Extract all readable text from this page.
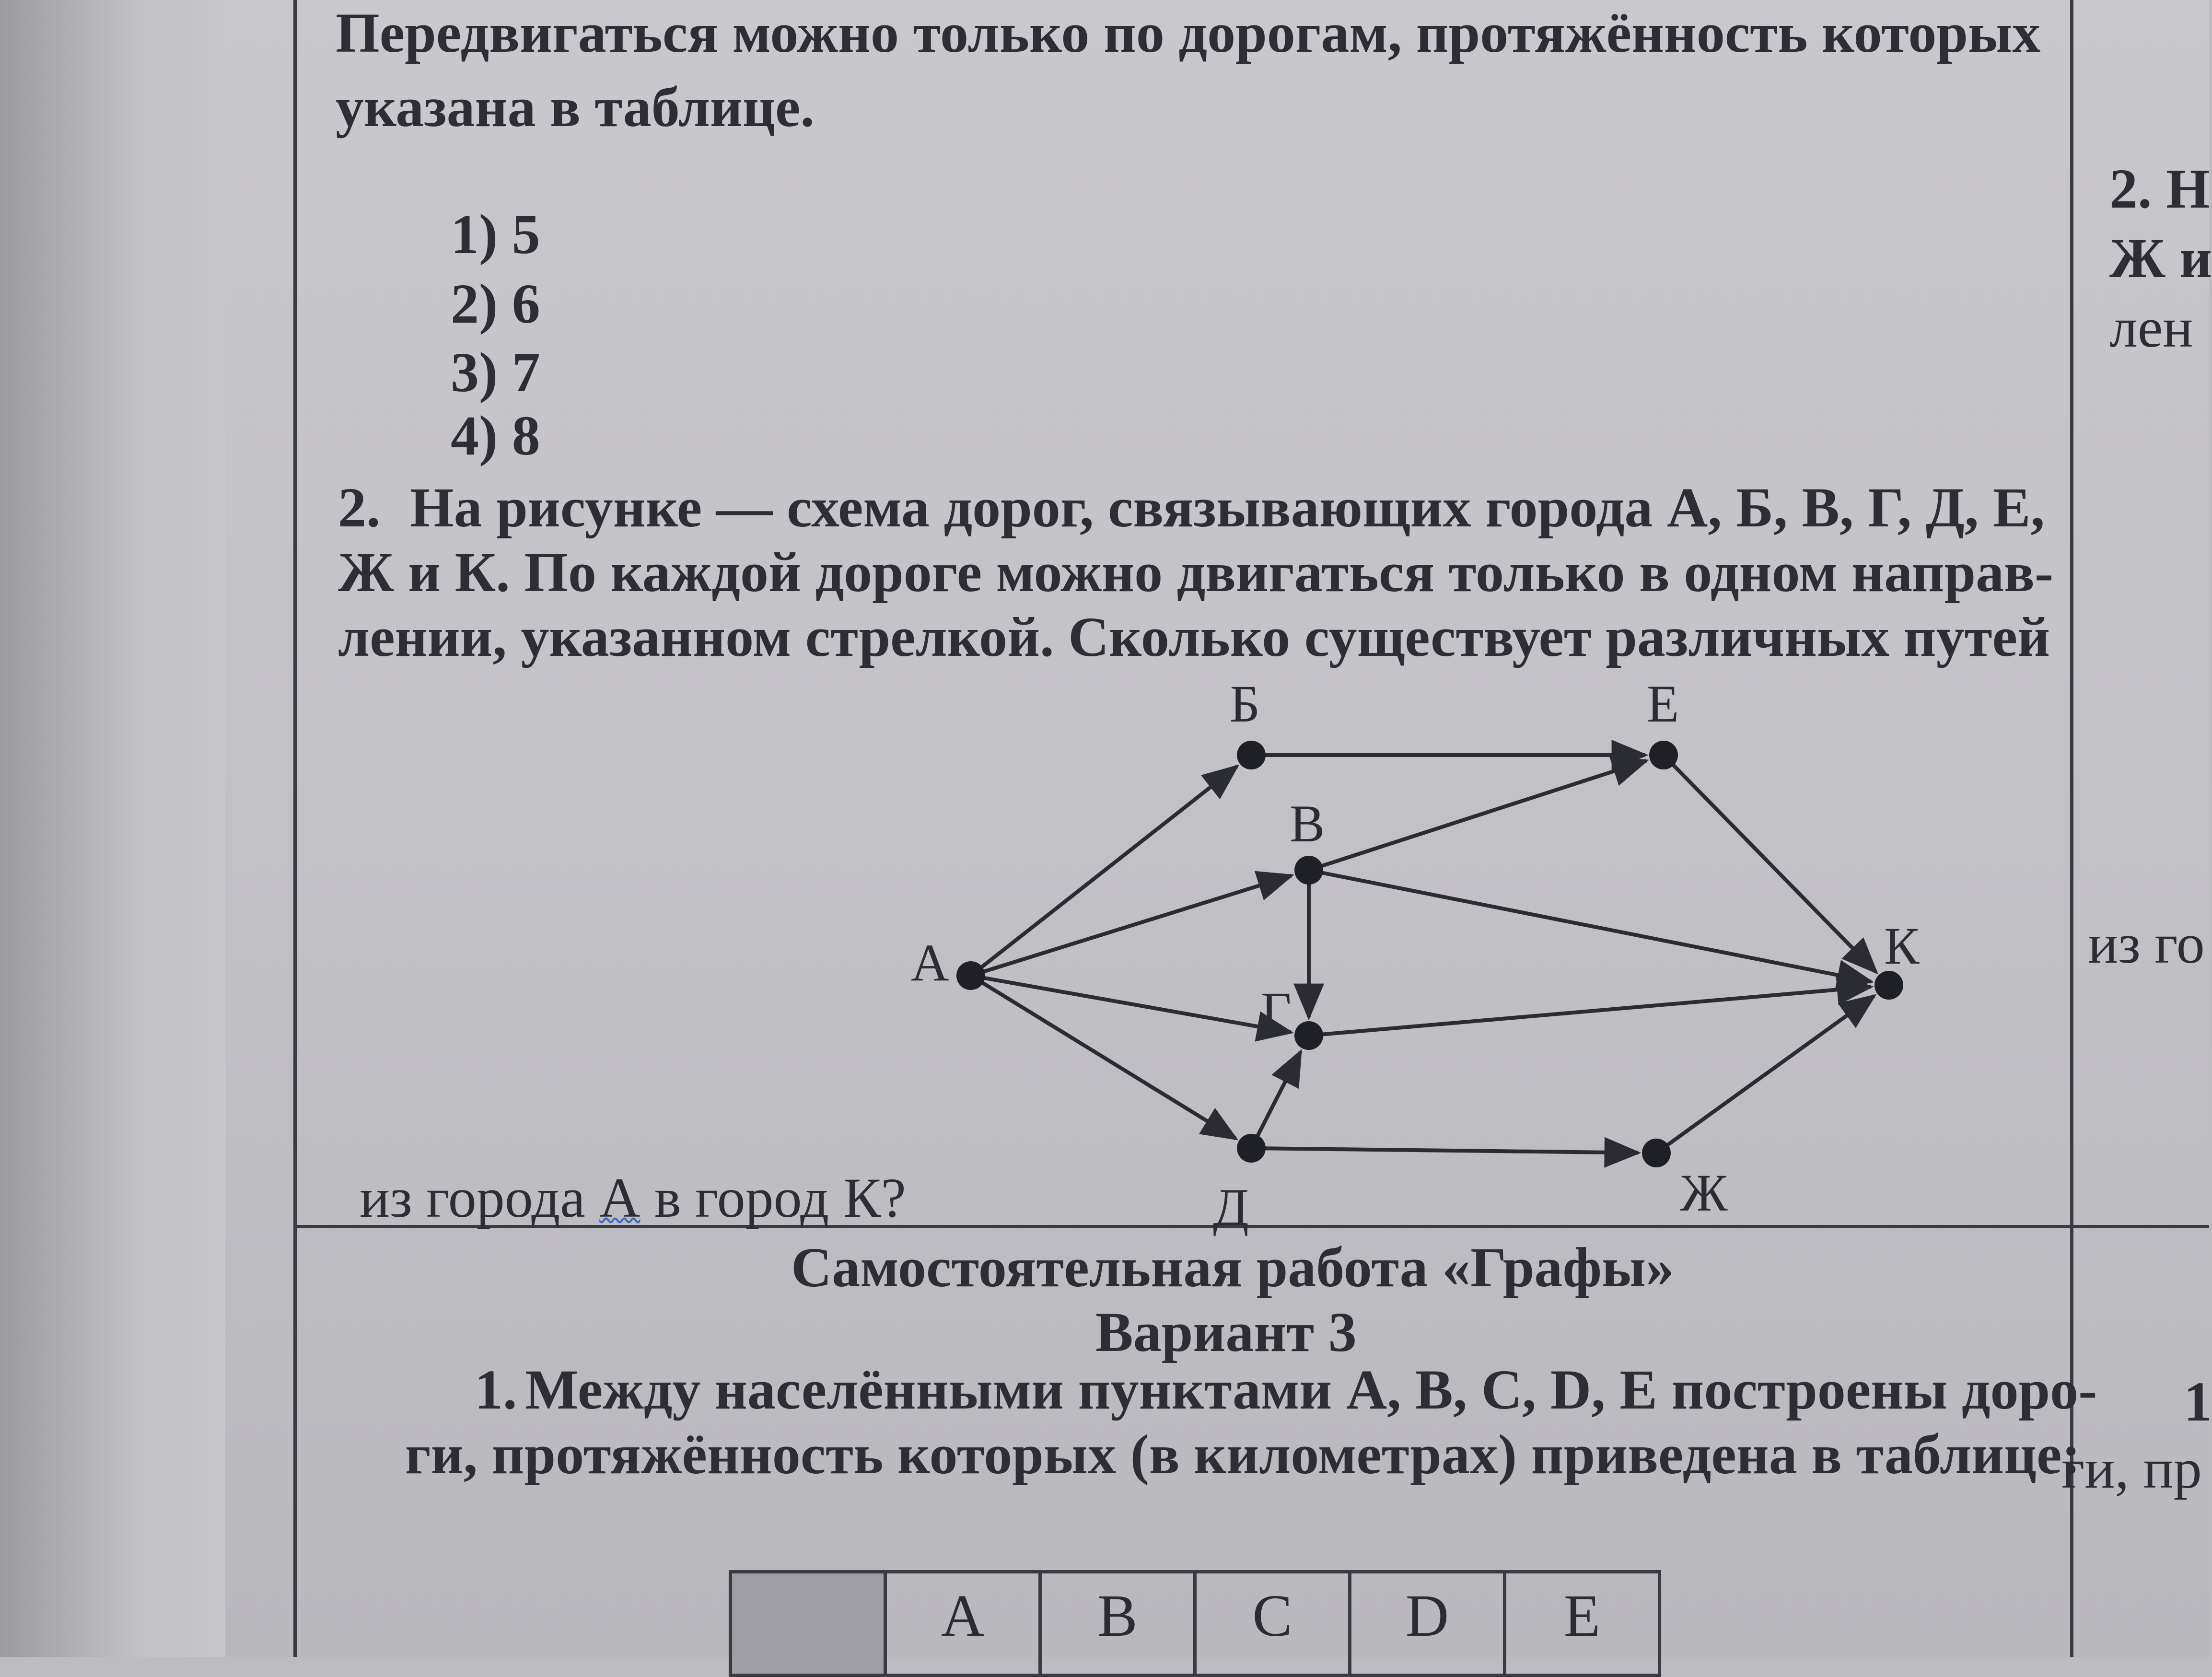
Передвигаться можно только по дорогам, протяжённость которых
указана в таблице.
1) 5
2) 6
3) 7
4) 8
2. На рисунке — схема дорог, связывающих города А, Б, В, Г, Д, Е,
Ж и К. По каждой дороге можно двигаться только в одном направ-
лении, указанном стрелкой. Сколько существует различных путей
А
Б
В
Г
Д
Е
Ж
К
из города А в город К?
Самостоятельная работа «Графы»
Вариант 3
1. Между населёнными пунктами A, B, C, D, E построены доро-
ги, протяжённость которых (в километрах) приведена в таблице:
	A	B	C	D	E
2. Н
Ж и
лен
из го
1
ги, пр
